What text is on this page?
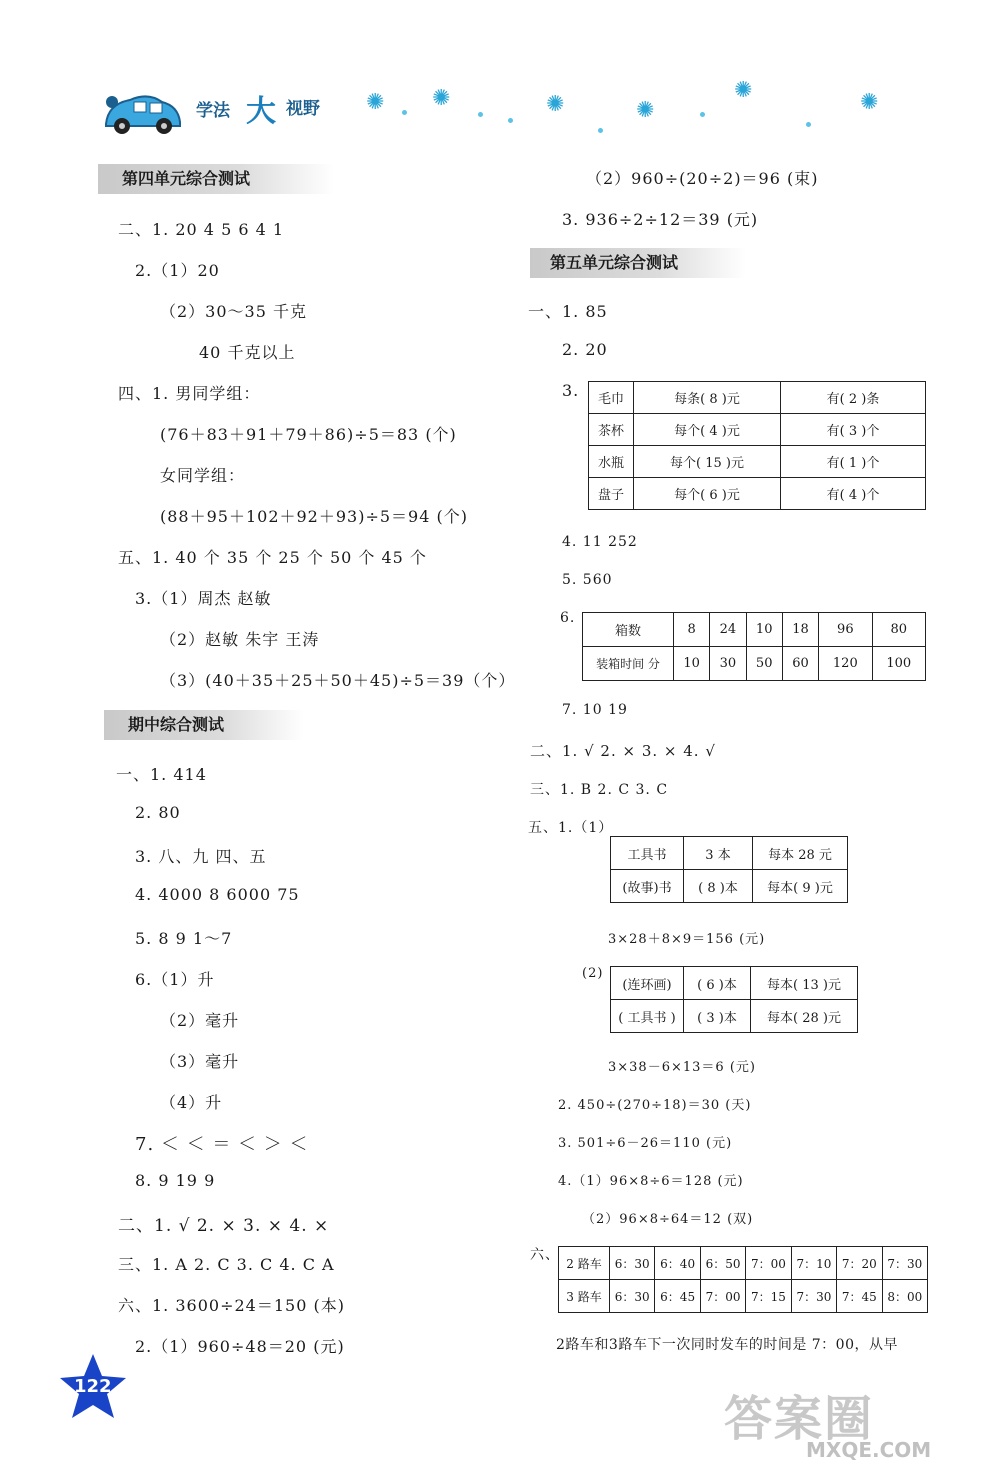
学法 大 视野 ✺ ✺	✺	✺
✺	✺
第四单元综合测试
二、1. 20 4 5 6 4 1
2.（1）20
（2）30～35 千克
40 千克以上
四、1. 男同学组：
(76＋83＋91＋79＋86)÷5＝83 (个)
女同学组：
(88＋95＋102＋92＋93)÷5＝94 (个)
五、1. 40 个 35 个 25 个 50 个 45 个
3.（1）周杰 赵敏
（2）赵敏 朱宇 王涛
（3）(40＋35＋25＋50＋45)÷5＝39（个）
期中综合测试
一、1. 414
2. 80
3. 八、九 四、五
4. 4000 8 6000 75
5. 8 9 1～7
6.（1）升
（2）毫升
（3）毫升
（4）升
7. ＜ ＜ ＝ ＜ ＞ ＜
8. 9 19 9
二、1. √ 2. × 3. × 4. ×
三、1. A 2. C 3. C 4. C A
六、1. 3600÷24＝150 (本)
2.（1）960÷48＝20 (元)
（2）960÷(20÷2)＝96 (束)
3. 936÷2÷12＝39 (元)
第五单元综合测试
一、1. 85
2. 20
3. 毛巾	每条( 8 )元	有( 2 )条
茶杯	每个( 4 )元	有( 3 )个
水瓶	每个( 15 )元	有( 1 )个
盘子	每个( 6 )元	有( 4 )个
4. 11 252
5. 560
6.
箱数	8	24	10	18	96	80
装箱时间 分	10	30	50	60	120	100
7. 10 19
二、1. √ 2. × 3. × 4. √
三、1. B 2. C 3. C
五、1.（1）
工具书	3 本	每本 28 元
(故事)书	( 8 )本	每本( 9 )元
3×28＋8×9＝156 (元)
(2)
(连环画)	( 6 )本	每本( 13 )元
( 工具书 )	( 3 )本	每本( 28 )元
3×38－6×13＝6 (元)
2. 450÷(270÷18)＝30 (天)
3. 501÷6－26＝110 (元)
4.（1）96×8÷6＝128 (元)
（2）96×8÷64＝12 (双)
六、
2 路车	6：30	6：40	6：50	7：00	7：10	7：20	7：30
3 路车	6：30	6：45	7：00	7：15	7：30	7：45	8：00
2路车和3路车下一次同时发车的时间是 7：00，从早
122
答案圈
MXQE.COM
